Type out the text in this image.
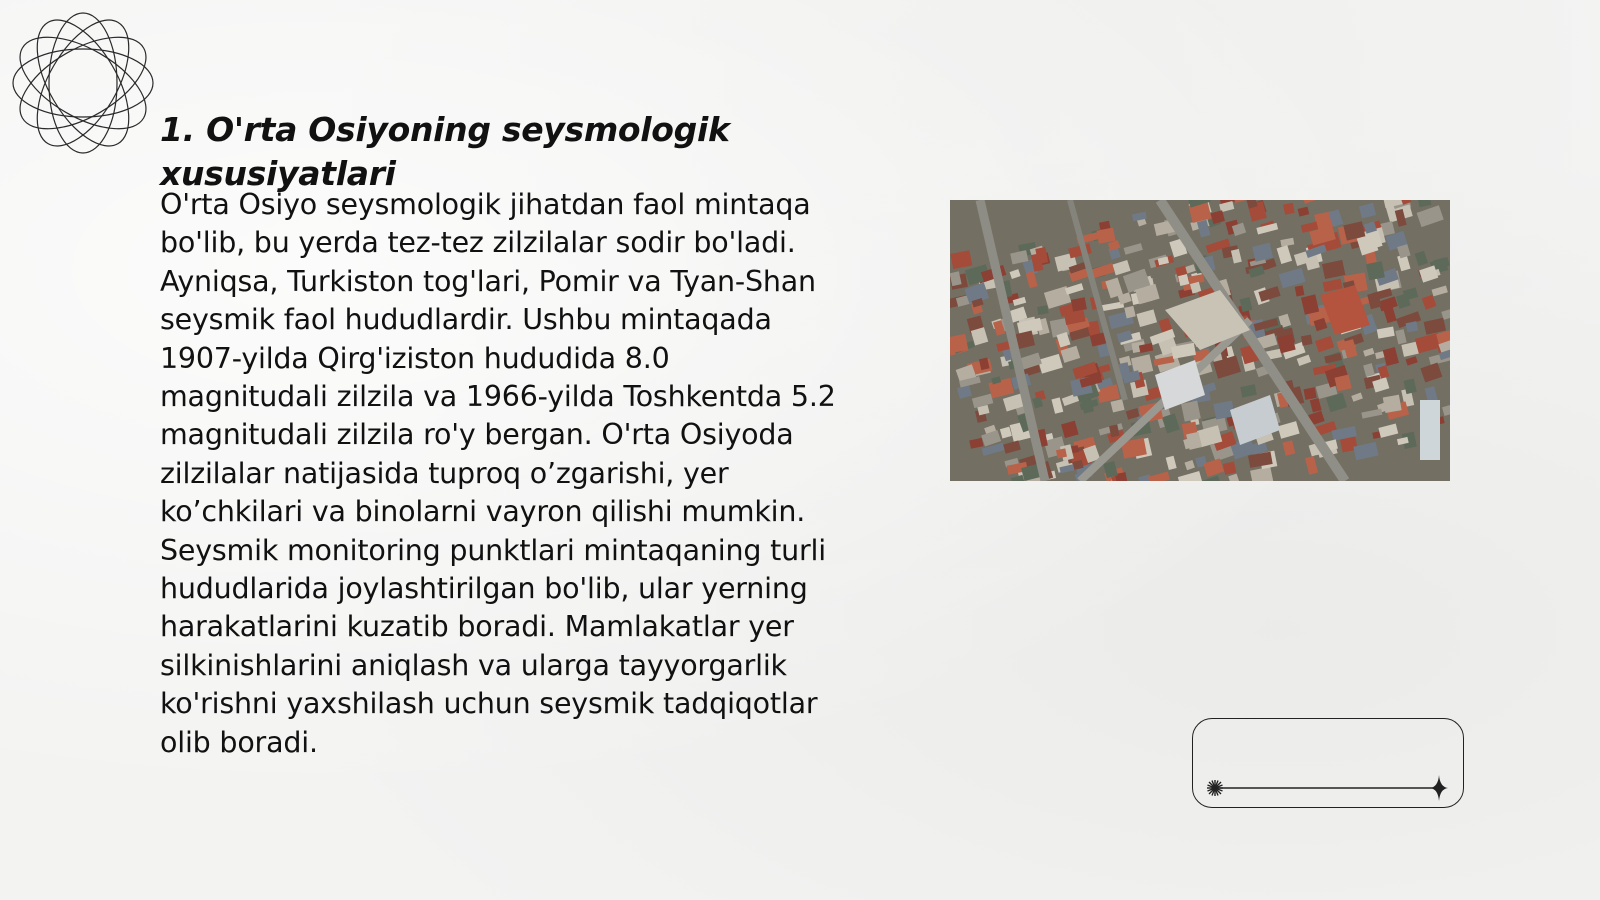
1. O'rta Osiyoning seysmologik xususiyatlari

O'rta Osiyo seysmologik jihatdan faol mintaqa bo'lib, bu yerda tez-tez zilzilalar sodir bo'ladi. Ayniqsa, Turkiston tog'lari, Pomir va Tyan-Shan seysmik faol hududlardir. Ushbu mintaqada 1907-yilda Qirg'iziston hududida 8.0 magnitudali zilzila va 1966-yilda Toshkentda 5.2 magnitudali zilzila ro'y bergan. O'rta Osiyoda zilzilalar natijasida tuproq o’zgarishi, yer ko’chkilari va binolarni vayron qilishi mumkin. Seysmik monitoring punktlari mintaqaning turli hududlarida joylashtirilgan bo'lib, ular yerning harakatlarini kuzatib boradi. Mamlakatlar yer silkinishlarini aniqlash va ularga tayyorgarlik ko'rishni yaxshilash uchun seysmik tadqiqotlar olib boradi.
